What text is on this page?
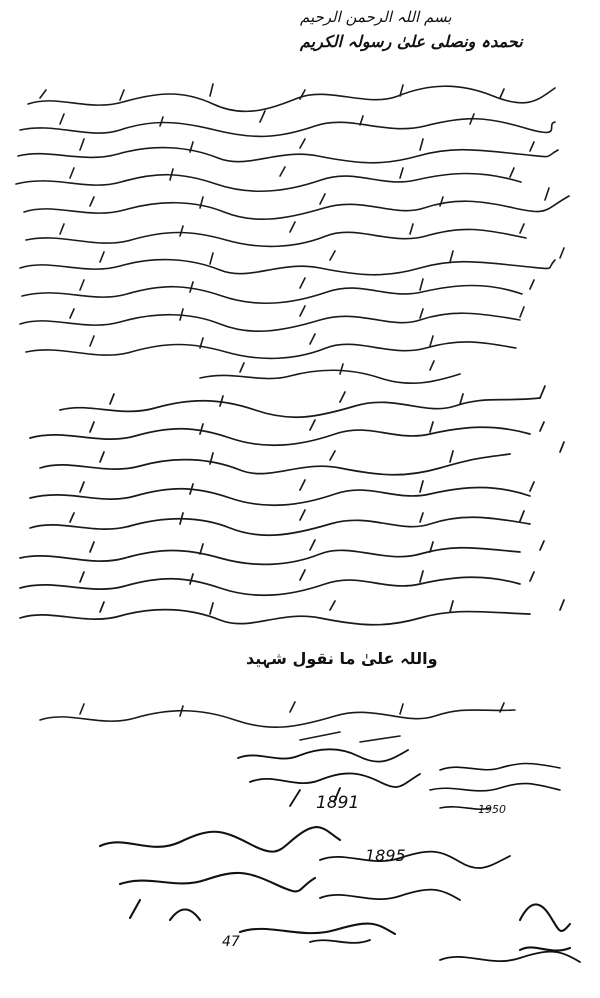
بسم اللہ الرحمن الرحیم
نحمدہ ونصلی علیٰ رسولہ الکریم
واللہ علیٰ ما نقول شہید
1891	1950
1895
47
